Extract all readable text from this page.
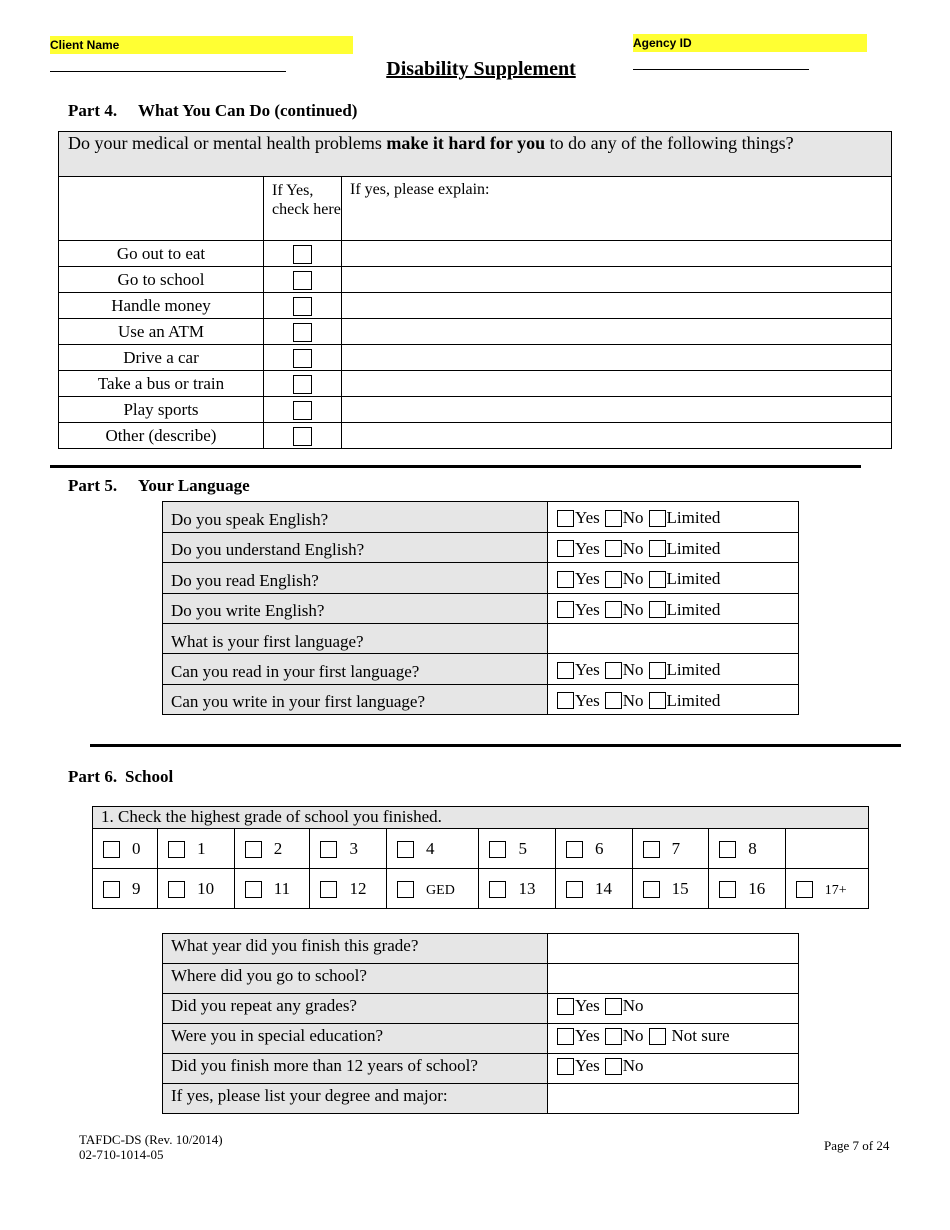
Client Name	Agency ID
Disability Supplement
Part 4. What You Can Do (continued)
Do your medical or mental health problems make it hard for you to do any of the following things?		
	If Yes, check here	If yes, please explain:
Go out to eat		
Go to school		
Handle money		
Use an ATM		
Drive a car		
Take a bus or train		
Play sports		
Other (describe)		
Part 5. Your Language
Do you speak English?	Yes No Limited

Do you understand English?	Yes No Limited

Do you read English?	Yes No Limited

Do you write English?	Yes No Limited

What is your first language?	
Can you read in your first language?	Yes No Limited

Can you write in your first language?	Yes No Limited
Part 6. School
1. Check the highest grade of school you finished.									
0	1	2	3	4	5	6	7	8	
9	10	11	12	GED	13	14	15	16	17+
What year did you finish this grade?	
Where did you go to school?	
Did you repeat any grades?	Yes No

Were you in special education?	Yes No Not sure

Did you finish more than 12 years of school?	Yes No

If yes, please list your degree and major:	
TAFDC-DS (Rev. 10/2014)
02-710-1014-05
Page 7 of 24
